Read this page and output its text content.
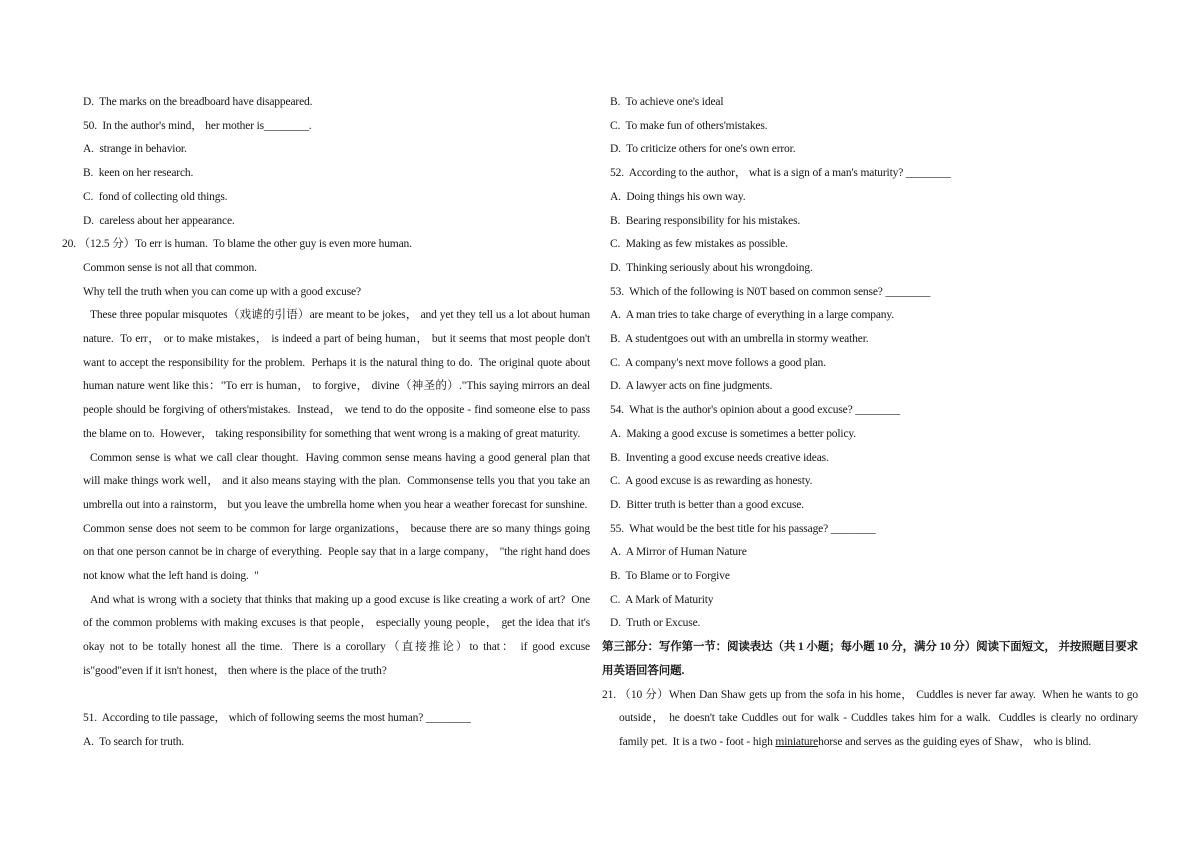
D.  The marks on the breadboard have disappeared.
50.  In the author's mind， her mother is________.
A.  strange in behavior.
B.  keen on her research.
C.  fond of collecting old things.
D.  careless about her appearance.
20. （12.5 分）To err is human.  To blame the other guy is even more human.
Common sense is not all that common.
Why tell the truth when you can come up with a good excuse?
These three popular misquotes（戏谑的引语）are meant to be jokes， and yet they tell us a lot about human nature.  To err， or to make mistakes， is indeed a part of being human， but it seems that most people don't want to accept the responsibility for the problem.  Perhaps it is the natural thing to do.  The original quote about human nature went like this："To err is human， to forgive， divine（神圣的）."This saying mirrors an deal people should be forgiving of others'mistakes.  Instead， we tend to do the opposite - find someone else to pass the blame on to.  However， taking responsibility for something that went wrong is a making of great maturity.
Common sense is what we call clear thought.  Having common sense means having a good general plan that will make things work well， and it also means staying with the plan.  Commonsense tells you that you take an umbrella out into a rainstorm， but you leave the umbrella home when you hear a weather forecast for sunshine.  Common sense does not seem to be common for large organizations， because there are so many things going on that one person cannot be in charge of everything.  People say that in a large company， "the right hand does not know what the left hand is doing.  "
And what is wrong with a society that thinks that making up a good excuse is like creating a work of art?  One of the common problems with making excuses is that people， especially young people， get the idea that it's okay not to be totally honest all the time.  There is a corollary（直接推论）to that： if good excuse is"good"even if it isn't honest， then where is the place of the truth?
51.  According to tile passage， which of following seems the most human? ________
A.  To search for truth.
B.  To achieve one's ideal
C.  To make fun of others'mistakes.
D.  To criticize others for one's own error.
52.  According to the author， what is a sign of a man's maturity? ________
A.  Doing things his own way.
B.  Bearing responsibility for his mistakes.
C.  Making as few mistakes as possible.
D.  Thinking seriously about his wrongdoing.
53.  Which of the following is N0T based on common sense? ________
A.  A man tries to take charge of everything in a large company.
B.  A studentgoes out with an umbrella in stormy weather.
C.  A company's next move follows a good plan.
D.  A lawyer acts on fine judgments.
54.  What is the author's opinion about a good excuse? ________
A.  Making a good excuse is sometimes a better policy.
B.  Inventing a good excuse needs creative ideas.
C.  A good excuse is as rewarding as honesty.
D.  Bitter truth is better than a good excuse.
55.  What would be the best title for his passage? ________
A.  A Mirror of Human Nature
B.  To Blame or to Forgive
C.  A Mark of Maturity
D.  Truth or Excuse.
第三部分：写作第一节：阅读表达（共 1 小题；每小题 10 分，满分 10 分）阅读下面短文， 并按照题目要求用英语回答问题.
21. （10 分）When Dan Shaw gets up from the sofa in his home， Cuddles is never far away.  When he wants to go outside， he doesn't take Cuddles out for walk - Cuddles takes him for a walk.  Cuddles is clearly no ordinary family pet.  It is a two - foot - high miniaturehorse and serves as the guiding eyes of Shaw， who is blind.
